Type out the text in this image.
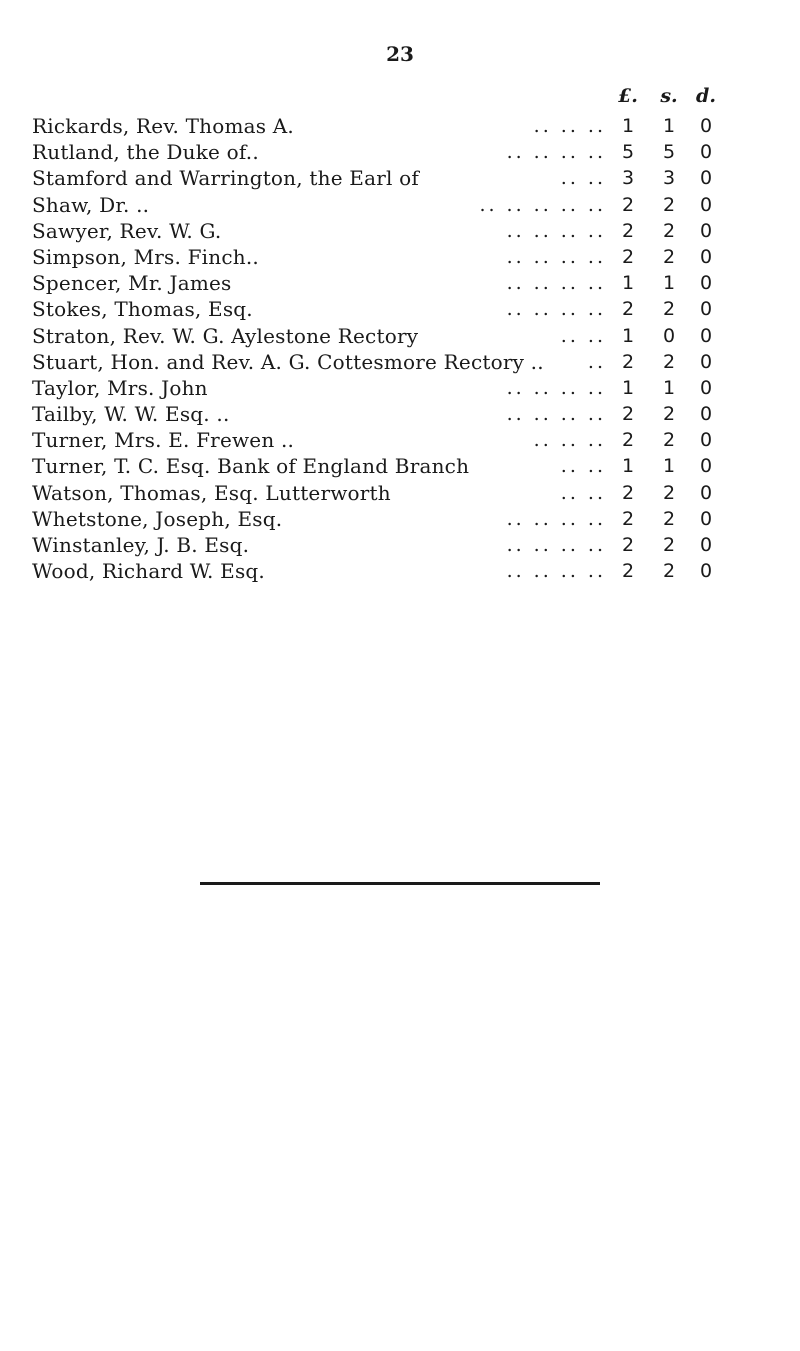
23
£. s. d.
Rickards, Rev. Thomas A.	.. .. .. 1	1	0
Rutland, the Duke of..	.. .. .. .. 5	5	0
Stamford and Warrington, the Earl of	.. .. 3	3	0
Shaw, Dr. ..	.. .. .. .. .. 2	2	0
Sawyer, Rev. W. G.	.. .. .. .. 2	2	0
Simpson, Mrs. Finch..	.. .. .. .. 2	2	0
Spencer, Mr. James	.. .. .. .. 1	1	0
Stokes, Thomas, Esq.	.. .. .. .. 2	2	0
Straton, Rev. W. G. Aylestone Rectory	.. .. 1	0	0
Stuart, Hon. and Rev. A. G. Cottesmore Rectory .. .. 2	2	0
Taylor, Mrs. John	.. .. .. .. 1	1	0
Tailby, W. W. Esq. ..	.. .. .. .. 2	2	0
Turner, Mrs. E. Frewen ..	.. .. .. 2	2	0
Turner, T. C. Esq. Bank of England Branch	.. .. 1	1	0
Watson, Thomas, Esq. Lutterworth	.. .. 2	2	0
Whetstone, Joseph, Esq.	.. .. .. .. 2	2	0
Winstanley, J. B. Esq.	.. .. .. .. 2	2	0
Wood, Richard W. Esq.	.. .. .. .. 2	2	0
